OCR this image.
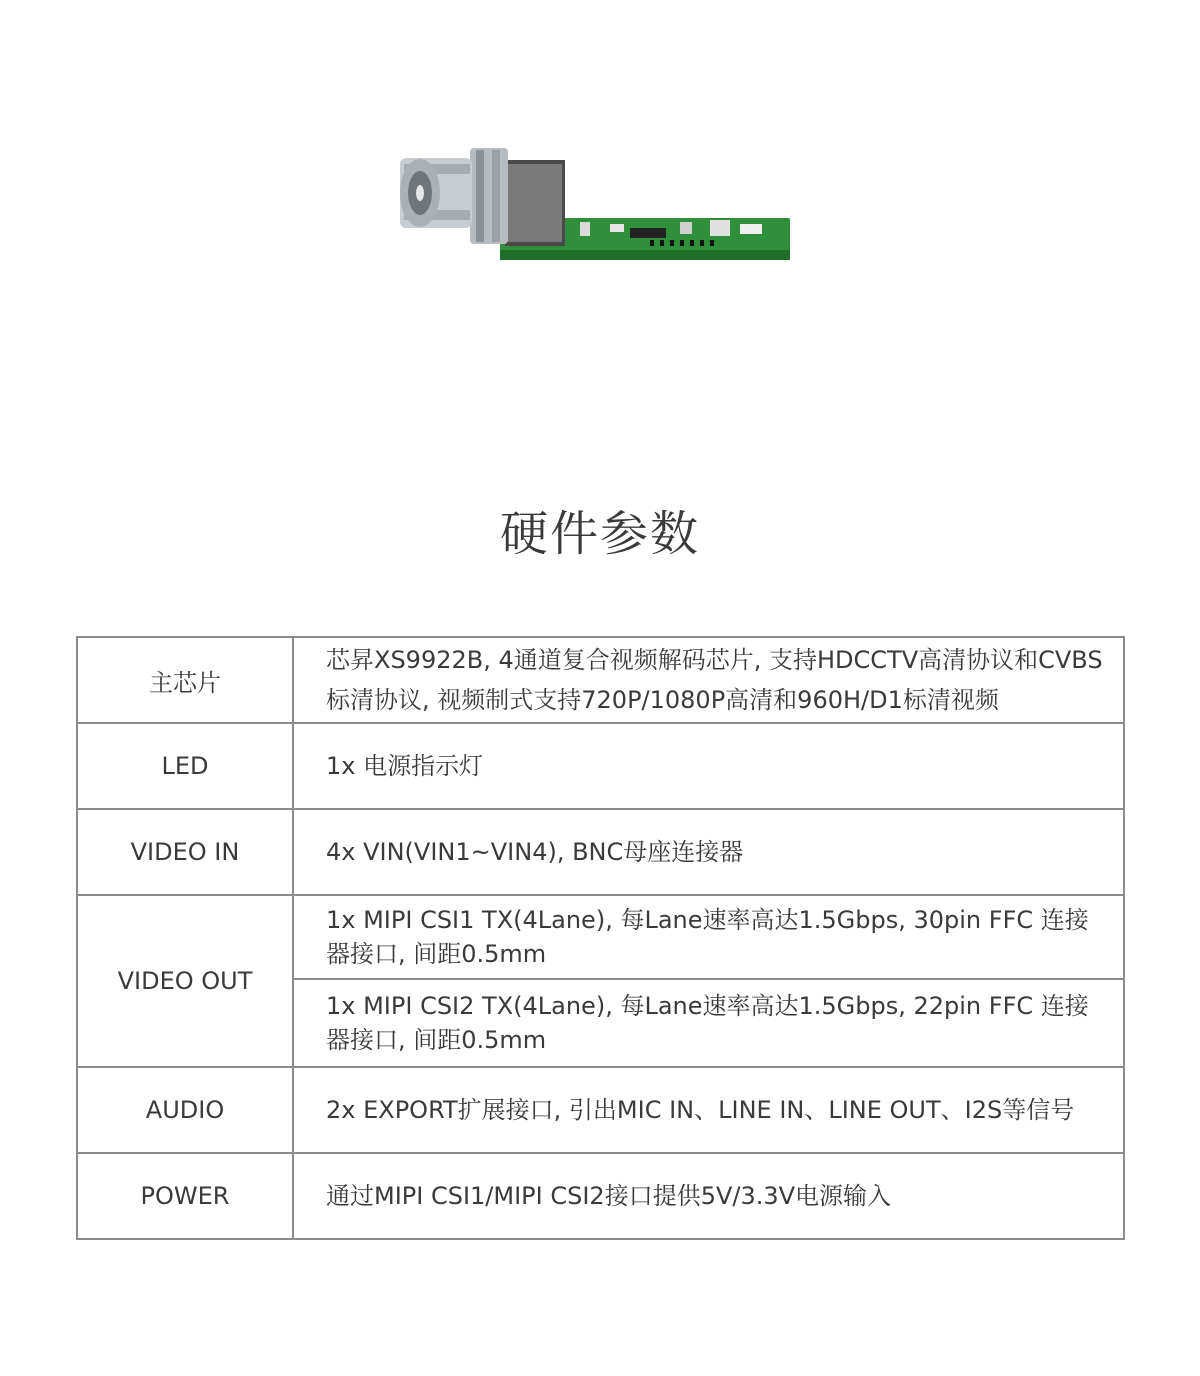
硬件参数
主芯片	芯昇XS9922B, 4通道复合视频解码芯片, 支持HDCCTV高清协议和CVBS标清协议, 视频制式支持720P/1080P高清和960H/D1标清视频
LED	1x 电源指示灯
VIDEO IN	4x VIN(VIN1~VIN4), BNC母座连接器
VIDEO OUT	1x MIPI CSI1 TX(4Lane), 每Lane速率高达1.5Gbps, 30pin FFC 连接器接口, 间距0.5mm
	1x MIPI CSI2 TX(4Lane), 每Lane速率高达1.5Gbps, 22pin FFC 连接器接口, 间距0.5mm
AUDIO	2x EXPORT扩展接口, 引出MIC IN、LINE IN、LINE OUT、I2S等信号
POWER	通过MIPI CSI1/MIPI CSI2接口提供5V/3.3V电源输入
